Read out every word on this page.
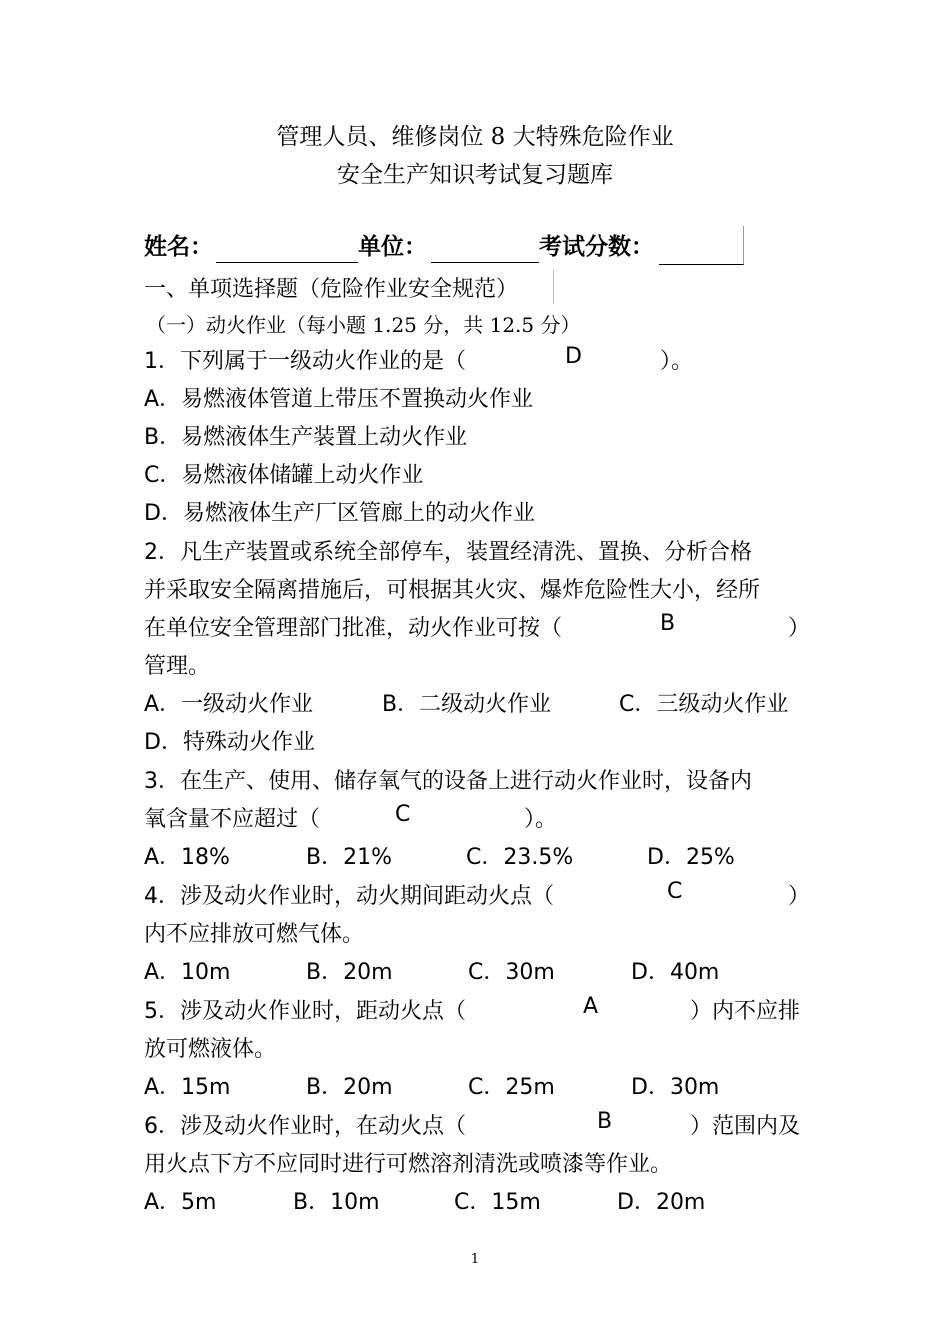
管理人员、维修岗位 8 大特殊危险作业
安全生产知识考试复习题库
姓名：	单位：	考试分数：
一、单项选择题（危险作业安全规范）
（一）动火作业（每小题 1.25 分，共 12.5 分）
1．下列属于一级动火作业的是（	D	）。
A．易燃液体管道上带压不置换动火作业
B．易燃液体生产装置上动火作业
C．易燃液体储罐上动火作业
D．易燃液体生产厂区管廊上的动火作业
2．凡生产装置或系统全部停车，装置经清洗、置换、分析合格
并采取安全隔离措施后，可根据其火灾、爆炸危险性大小，经所
在单位安全管理部门批准，动火作业可按（	B	）
管理。
A．一级动火作业	B．二级动火作业	C．三级动火作业
D．特殊动火作业
3．在生产、使用、储存氧气的设备上进行动火作业时，设备内
氧含量不应超过（	C	）。
A．18%	B．21%	C．23.5%	D．25%
4．涉及动火作业时，动火期间距动火点（	C	）
内不应排放可燃气体。
A．10m	B．20m	C．30m	D．40m
5．涉及动火作业时，距动火点（	A	）内不应排
放可燃液体。
A．15m	B．20m	C．25m	D．30m
6．涉及动火作业时，在动火点（	B	）范围内及
用火点下方不应同时进行可燃溶剂清洗或喷漆等作业。
A．5m	B．10m	C．15m	D．20m
1
